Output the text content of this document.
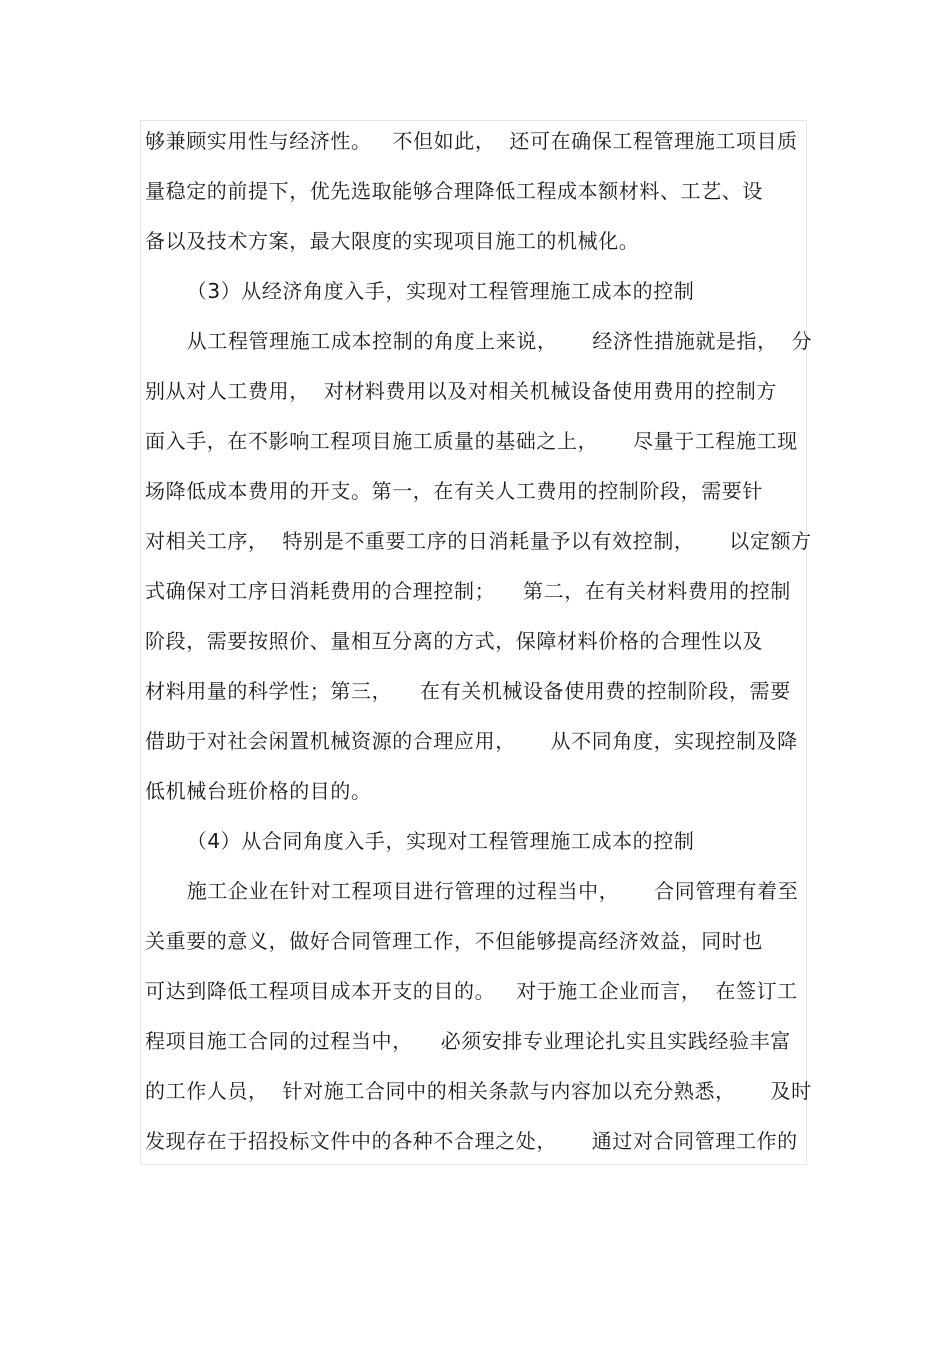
够兼顾实用性与经济性。   不但如此，  还可在确保工程管理施工项目质
量稳定的前提下，优先选取能够合理降低工程成本额材料、工艺、设
备以及技术方案，最大限度的实现项目施工的机械化。
（3）从经济角度入手，实现对工程管理施工成本的控制
从工程管理施工成本控制的角度上来说，     经济性措施就是指，  分
别从对人工费用，  对材料费用以及对相关机械设备使用费用的控制方
面入手，在不影响工程项目施工质量的基础之上，     尽量于工程施工现
场降低成本费用的开支。第一，在有关人工费用的控制阶段，需要针
对相关工序，  特别是不重要工序的日消耗量予以有效控制，     以定额方
式确保对工序日消耗费用的合理控制；    第二，在有关材料费用的控制
阶段，需要按照价、量相互分离的方式，保障材料价格的合理性以及
材料用量的科学性；第三，    在有关机械设备使用费的控制阶段，需要
借助于对社会闲置机械资源的合理应用，     从不同角度，实现控制及降
低机械台班价格的目的。
（4）从合同角度入手，实现对工程管理施工成本的控制
施工企业在针对工程项目进行管理的过程当中，     合同管理有着至
关重要的意义，做好合同管理工作，不但能够提高经济效益，同时也
可达到降低工程项目成本开支的目的。   对于施工企业而言，  在签订工
程项目施工合同的过程当中，    必须安排专业理论扎实且实践经验丰富
的工作人员，  针对施工合同中的相关条款与内容加以充分熟悉，     及时
发现存在于招投标文件中的各种不合理之处，     通过对合同管理工作的
